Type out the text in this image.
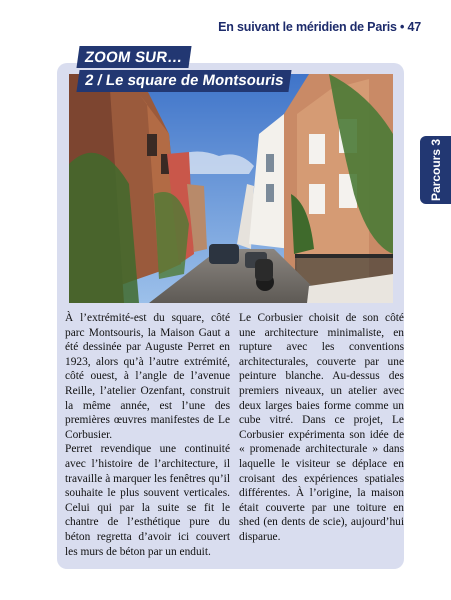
En suivant le méridien de Paris • 47
Parcours 3
ZOOM SUR…
2 / Le square de Montsouris

À l’extrémité-est du square, côté parc Montsouris, la Maison Gaut a été dessinée par Auguste Perret en 1923, alors qu’à l’autre extrémité, côté ouest, à l’angle de l’avenue Reille, l’atelier Ozenfant, construit la même année, est l’une des premières œuvres manifestes de Le Corbusier.

Perret revendique une continuité avec l’histoire de l’architecture, il travaille à marquer les fenêtres qu’il souhaite le plus souvent verticales. Celui qui par la suite se fit le chantre de l’esthétique pure du béton regretta d’avoir ici couvert les murs de béton par un enduit.

Le Corbusier choisit de son côté une architecture minimaliste, en rupture avec les conventions architecturales, couverte par une peinture blanche. Au-dessus des premiers niveaux, un atelier avec deux larges baies forme comme un cube vitré. Dans ce projet, Le Corbusier expérimenta son idée de « promenade architecturale » dans laquelle le visiteur se déplace en croisant des expériences spatiales différentes. À l’origine, la maison était couverte par une toiture en shed (en dents de scie), aujourd’hui disparue.
